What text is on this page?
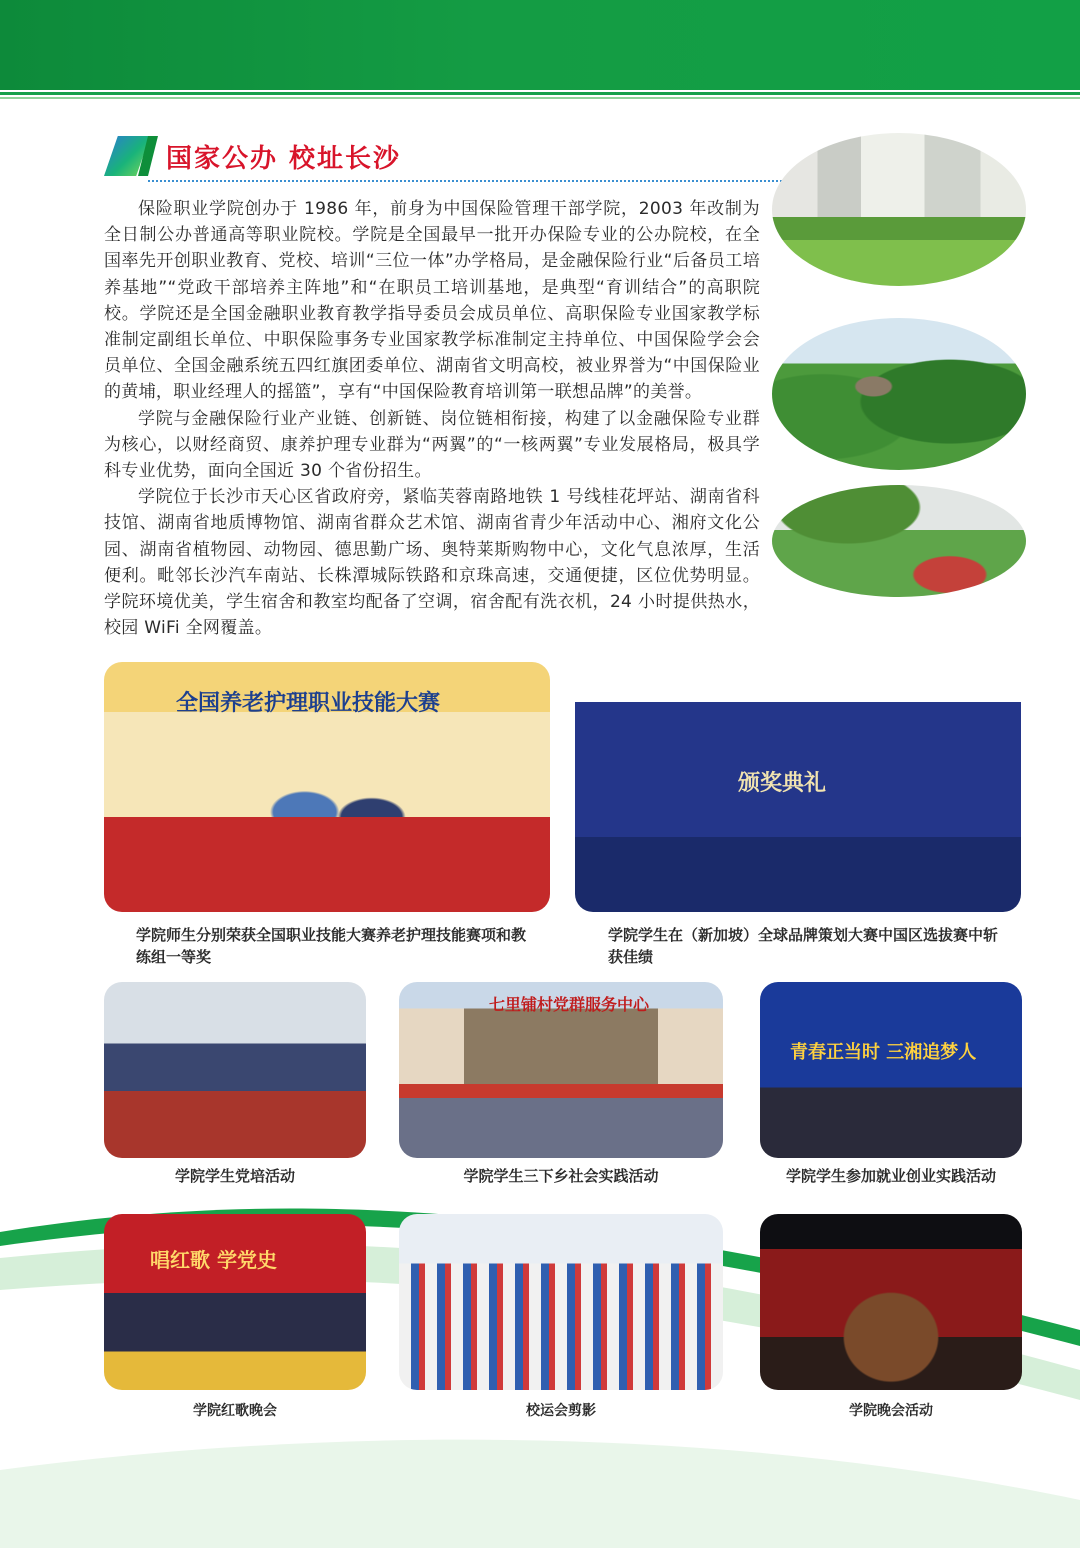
国家公办 校址长沙

保险职业学院创办于 1986 年，前身为中国保险管理干部学院，2003 年改制为全日制公办普通高等职业院校。学院是全国最早一批开办保险专业的公办院校，在全国率先开创职业教育、党校、培训“三位一体”办学格局，是金融保险行业“后备员工培养基地”“党政干部培养主阵地”和“在职员工培训基地，是典型“育训结合”的高职院校。学院还是全国金融职业教育教学指导委员会成员单位、高职保险专业国家教学标准制定副组长单位、中职保险事务专业国家教学标准制定主持单位、中国保险学会会员单位、全国金融系统五四红旗团委单位、湖南省文明高校，被业界誉为“中国保险业的黄埔，职业经理人的摇篮”，享有“中国保险教育培训第一联想品牌”的美誉。

学院与金融保险行业产业链、创新链、岗位链相衔接，构建了以金融保险专业群为核心，以财经商贸、康养护理专业群为“两翼”的“一核两翼”专业发展格局，极具学科专业优势，面向全国近 30 个省份招生。

学院位于长沙市天心区省政府旁，紧临芙蓉南路地铁 1 号线桂花坪站、湖南省科技馆、湖南省地质博物馆、湖南省群众艺术馆、湖南省青少年活动中心、湘府文化公园、湖南省植物园、动物园、德思勤广场、奥特莱斯购物中心，文化气息浓厚，生活便利。毗邻长沙汽车南站、长株潭城际铁路和京珠高速，交通便捷，区位优势明显。学院环境优美，学生宿舍和教室均配备了空调，宿舍配有洗衣机，24 小时提供热水，校园 WiFi 全网覆盖。

全国养老护理职业技能大赛
颁奖典礼
学院师生分别荣获全国职业技能大赛养老护理技能赛项和教练组一等奖
学院学生在（新加坡）全球品牌策划大赛中国区选拔赛中斩获佳绩
七里铺村党群服务中心
青春正当时 三湘追梦人
学院学生党培活动	学院学生三下乡社会实践活动	学院学生参加就业创业实践活动
唱红歌 学党史
学院红歌晚会	校运会剪影	学院晚会活动
